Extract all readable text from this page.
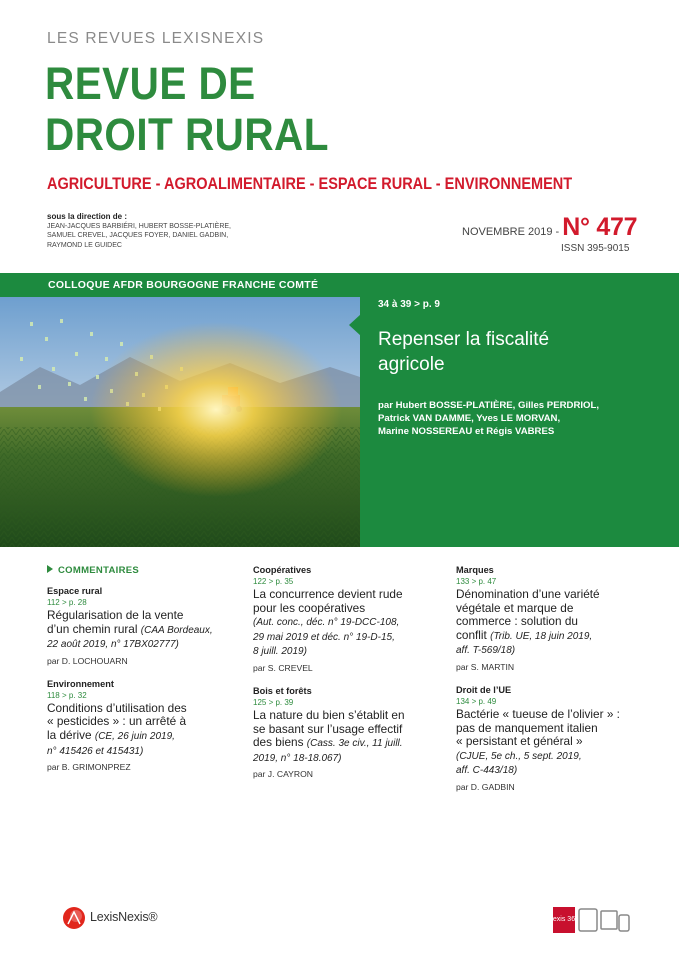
LES REVUES LEXISNEXIS
REVUE DE
DROIT RURAL
AGRICULTURE - AGROALIMENTAIRE - ESPACE RURAL - ENVIRONNEMENT
sous la direction de :
JEAN-JACQUES BARBIÉRI, HUBERT BOSSE-PLATIÈRE,
SAMUEL CREVEL, JACQUES FOYER, DANIEL GADBIN,
RAYMOND LE GUIDEC
NOVEMBRE 2019 - N° 477
ISSN 395-9015
COLLOQUE AFDR BOURGOGNE FRANCHE COMTÉ
34 à 39 > p. 9
Repenser la fiscalité
agricole
par Hubert BOSSE-PLATIÈRE, Gilles PERDRIOL,
Patrick VAN DAMME, Yves LE MORVAN,
Marine NOSSEREAU et Régis VABRES
COMMENTAIRES
Espace rural
112 > p. 28
Régularisation de la vente
d’un chemin rural (CAA Bordeaux,
22 août 2019, n° 17BX02777)
par D. LOCHOUARN
Environnement
118 > p. 32
Conditions d’utilisation des
« pesticides » : un arrêté à
la dérive (CE, 26 juin 2019,
n° 415426 et 415431)
par B. GRIMONPREZ
Coopératives
122 > p. 35
La concurrence devient rude
pour les coopératives
(Aut. conc., déc. n° 19-DCC-108,
29 mai 2019 et déc. n° 19-D-15,
8 juill. 2019)
par S. CREVEL
Bois et forêts
125 > p. 39
La nature du bien s’établit en
se basant sur l’usage effectif
des biens (Cass. 3e civ., 11 juill.
2019, n° 18-18.067)
par J. CAYRON
Marques
133 > p. 47
Dénomination d’une variété
végétale et marque de
commerce : solution du
conflit (Trib. UE, 18 juin 2019,
aff. T-569/18)
par S. MARTIN
Droit de l’UE
134 > p. 49
Bactérie « tueuse de l’olivier » :
pas de manquement italien
« persistant et général »
(CJUE, 5e ch., 5 sept. 2019,
aff. C-443/18)
par D. GADBIN
LexisNexis®	Lexis 360
